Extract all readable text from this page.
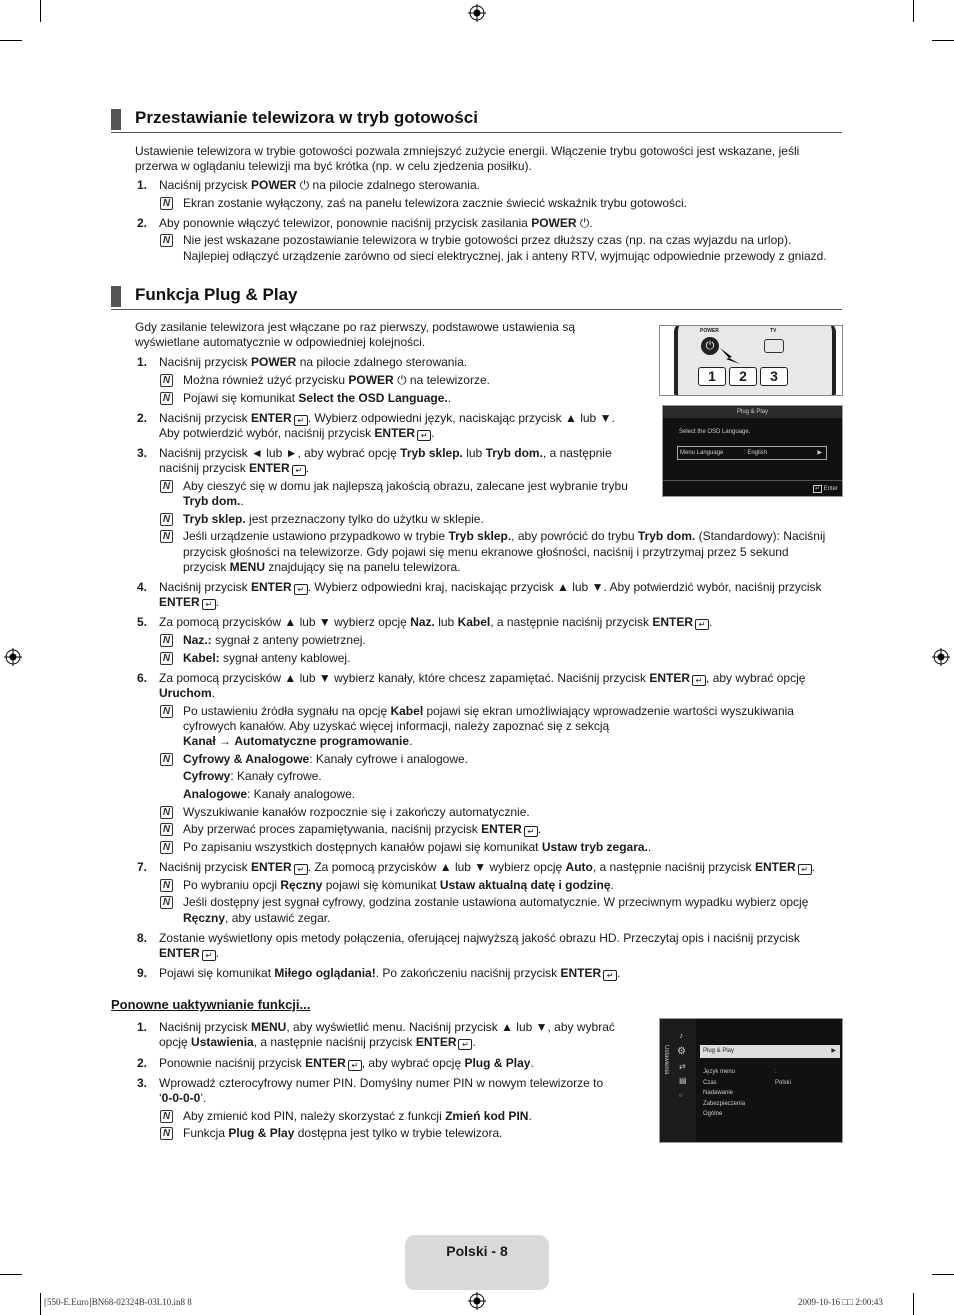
Przestawianie telewizora w tryb gotowości
Ustawienie telewizora w trybie gotowości pozwala zmniejszyć zużycie energii. Włączenie trybu gotowości jest wskazane, jeśli
przerwa w oglądaniu telewizji ma być krótka (np. w celu zjedzenia posiłku).
1. Naciśnij przycisk POWER ⏻ na pilocie zdalnego sterowania.
N Ekran zostanie wyłączony, zaś na panelu telewizora zacznie świecić wskaźnik trybu gotowości.
2. Aby ponownie włączyć telewizor, ponownie naciśnij przycisk zasilania POWER ⏻.
N Nie jest wskazane pozostawianie telewizora w trybie gotowości przez dłuższy czas (np. na czas wyjazdu na urlop).
Najlepiej odłączyć urządzenie zarówno od sieci elektrycznej, jak i anteny RTV, wyjmując odpowiednie przewody z gniazd.
Funkcja Plug & Play
Gdy zasilanie telewizora jest włączane po raz pierwszy, podstawowe ustawienia są
wyświetlane automatycznie w odpowiedniej kolejności.
POWER	TV
⏻
1	2	3
Plug & Play
Select the OSD Language.
Menu Language	: English	▶
↵ Enter
1. Naciśnij przycisk POWER na pilocie zdalnego sterowania.
N Można również użyć przycisku POWER ⏻ na telewizorze.
N Pojawi się komunikat Select the OSD Language..
2. Naciśnij przycisk ENTER ↵ . Wybierz odpowiedni język, naciskając przycisk ▲ lub ▼.
Aby potwierdzić wybór, naciśnij przycisk ENTER ↵ .
3. Naciśnij przycisk ◄ lub ►, aby wybrać opcję Tryb sklep. lub Tryb dom., a następnie
naciśnij przycisk ENTER ↵ .
N Aby cieszyć się w domu jak najlepszą jakością obrazu, zalecane jest wybranie trybu
Tryb dom..
N Tryb sklep. jest przeznaczony tylko do użytku w sklepie.
N Jeśli urządzenie ustawiono przypadkowo w trybie Tryb sklep., aby powrócić do trybu Tryb dom. (Standardowy): Naciśnij
przycisk głośności na telewizorze. Gdy pojawi się menu ekranowe głośności, naciśnij i przytrzymaj przez 5 sekund
przycisk MENU znajdujący się na panelu telewizora.
4. Naciśnij przycisk ENTER ↵ . Wybierz odpowiedni kraj, naciskając przycisk ▲ lub ▼. Aby potwierdzić wybór, naciśnij przycisk
ENTER ↵ .
5. Za pomocą przycisków ▲ lub ▼ wybierz opcję Naz. lub Kabel, a następnie naciśnij przycisk ENTER ↵ .
N Naz.: sygnał z anteny powietrznej.
N Kabel: sygnał anteny kablowej.
6. Za pomocą przycisków ▲ lub ▼ wybierz kanały, które chcesz zapamiętać. Naciśnij przycisk ENTER ↵ , aby wybrać opcję
Uruchom.
N Po ustawieniu źródła sygnału na opcję Kabel pojawi się ekran umożliwiający wprowadzenie wartości wyszukiwania
cyfrowych kanałów. Aby uzyskać więcej informacji, należy zapoznać się z sekcją
Kanał → Automatyczne programowanie.
N Cyfrowy & Analogowe: Kanały cyfrowe i analogowe.
Cyfrowy: Kanały cyfrowe.
Analogowe: Kanały analogowe.
N Wyszukiwanie kanałów rozpocznie się i zakończy automatycznie.
N Aby przerwać proces zapamiętywania, naciśnij przycisk ENTER ↵ .
N Po zapisaniu wszystkich dostępnych kanałów pojawi się komunikat Ustaw tryb zegara..
7. Naciśnij przycisk ENTER ↵ . Za pomocą przycisków ▲ lub ▼ wybierz opcję Auto, a następnie naciśnij przycisk ENTER ↵ .
N Po wybraniu opcji Ręczny pojawi się komunikat Ustaw aktualną datę i godzinę.
N Jeśli dostępny jest sygnał cyfrowy, godzina zostanie ustawiona automatycznie. W przeciwnym wypadku wybierz opcję
Ręczny, aby ustawić zegar.
8. Zostanie wyświetlony opis metody połączenia, oferującej najwyższą jakość obrazu HD. Przeczytaj opis i naciśnij przycisk
ENTER ↵ .
9. Pojawi się komunikat Miłego oglądania!. Po zakończeniu naciśnij przycisk ENTER ↵ .
Ponowne uaktywnianie funkcji...
1. Naciśnij przycisk MENU, aby wyświetlić menu. Naciśnij przycisk ▲ lub ▼, aby wybrać
opcję Ustawienia, a następnie naciśnij przycisk ENTER ↵ .
2. Ponownie naciśnij przycisk ENTER ↵ , aby wybrać opcję Plug & Play.
3. Wprowadź czterocyfrowy numer PIN. Domyślny numer PIN w nowym telewizorze to
‘0-0-0-0’.
N Aby zmienić kod PIN, należy skorzystać z funkcji Zmień kod PIN.
N Funkcja Plug & Play dostępna jest tylko w trybie telewizora.
Ustawienia
♪
⚙
⇄
▤
▫
Plug & Play	▶
Język menu	: Polski
Czas
Nadawanie
Zabezpieczenia
Ogólne
Polski - 8
[550-E.Euro]BN68-02324B-03L10.in8 8	2009-10-16 □□ 2:00:43
